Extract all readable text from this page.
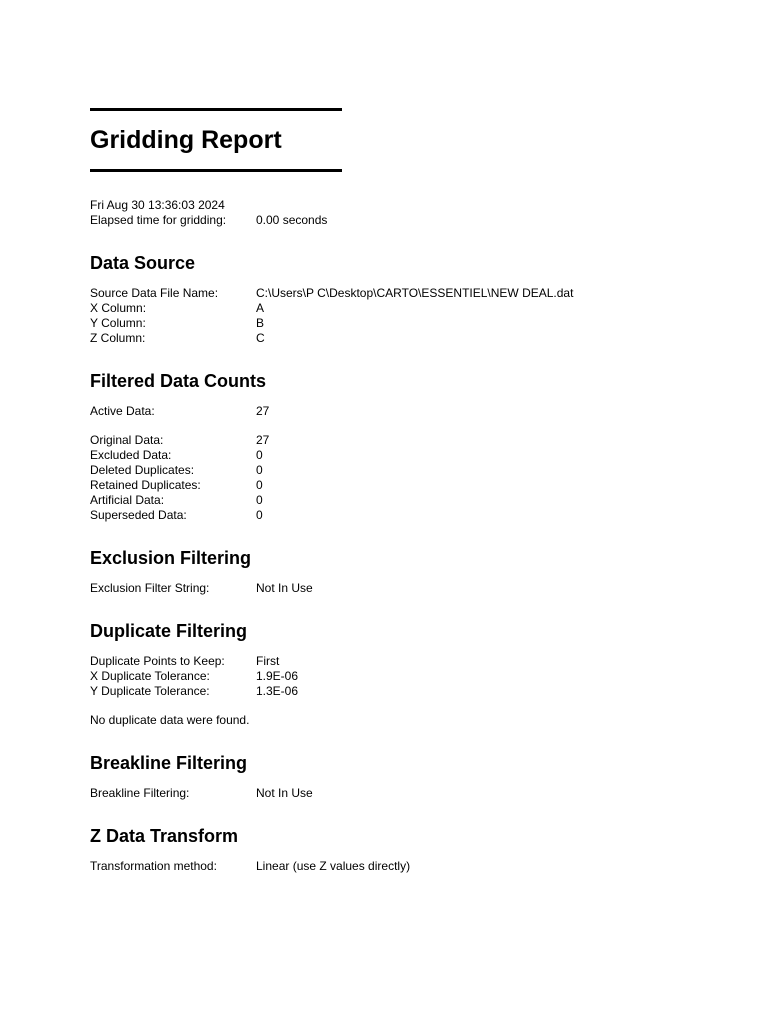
Gridding Report
Fri Aug 30 13:36:03 2024
Elapsed time for gridding:	0.00 seconds
Data Source
Source Data File Name:	C:\Users\P C\Desktop\CARTO\ESSENTIEL\NEW DEAL.dat
X Column:	A
Y Column:	B
Z Column:	C
Filtered Data Counts
Active Data:	27
Original Data:	27
Excluded Data:	0
Deleted Duplicates:	0
Retained Duplicates:	0
Artificial Data:	0
Superseded Data:	0
Exclusion Filtering
Exclusion Filter String:	Not In Use
Duplicate Filtering
Duplicate Points to Keep:	First
X Duplicate Tolerance:	1.9E-06
Y Duplicate Tolerance:	1.3E-06
No duplicate data were found.
Breakline Filtering
Breakline Filtering:	Not In Use
Z Data Transform
Transformation method:	Linear (use Z values directly)
